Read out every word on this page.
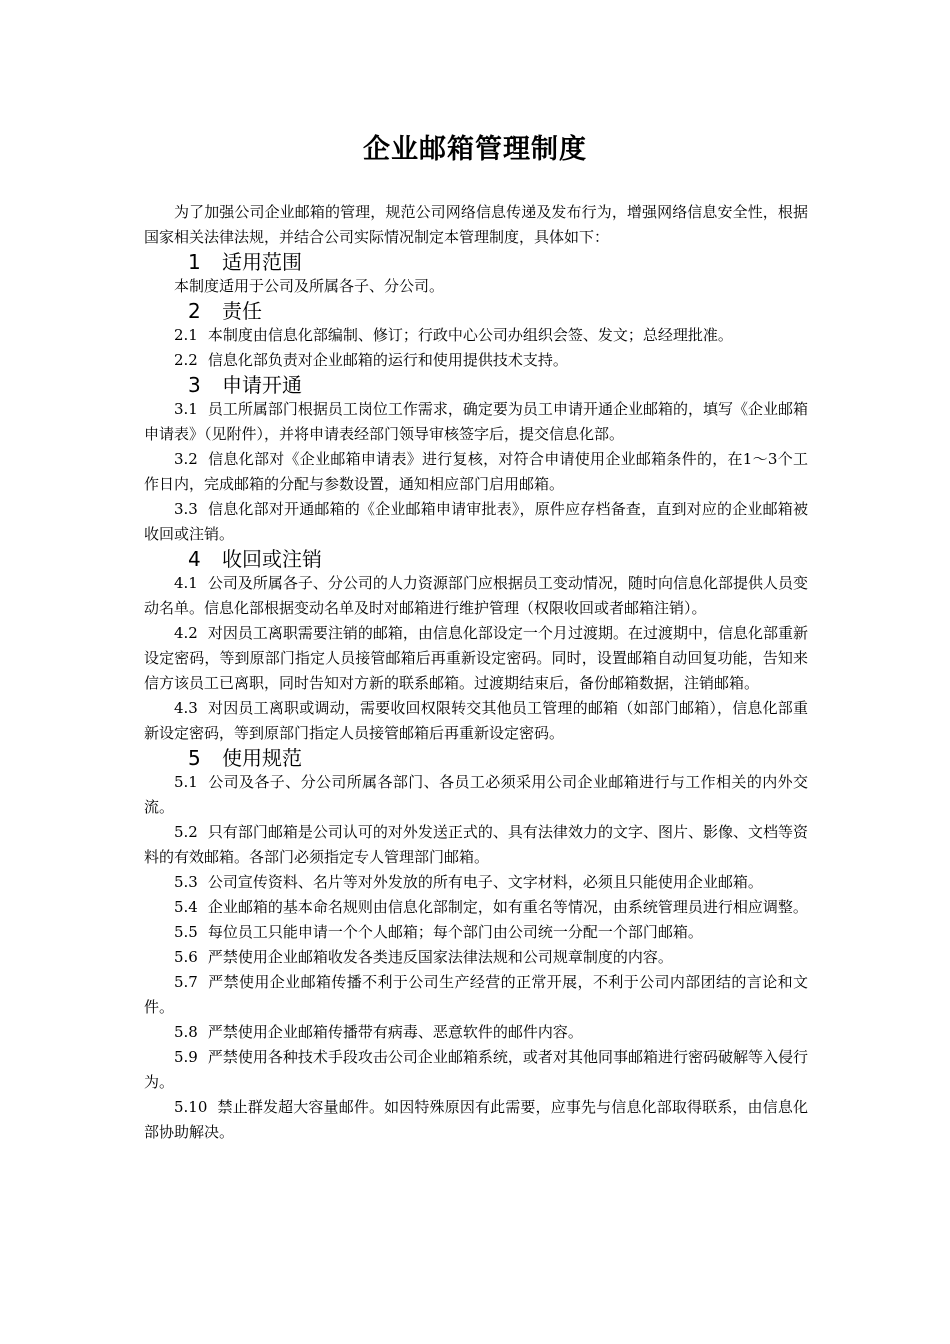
企业邮箱管理制度

为了加强公司企业邮箱的管理，规范公司网络信息传递及发布行为，增强网络信息安全性，根据国家相关法律法规，并结合公司实际情况制定本管理制度，具体如下：

1 适用范围

本制度适用于公司及所属各子、分公司。

2 责任

2.1 本制度由信息化部编制、修订；行政中心公司办组织会签、发文；总经理批准。

2.2 信息化部负责对企业邮箱的运行和使用提供技术支持。

3 申请开通

3.1 员工所属部门根据员工岗位工作需求，确定要为员工申请开通企业邮箱的，填写《企业邮箱申请表》（见附件），并将申请表经部门领导审核签字后，提交信息化部。

3.2 信息化部对《企业邮箱申请表》进行复核，对符合申请使用企业邮箱条件的，在1～3个工作日内，完成邮箱的分配与参数设置，通知相应部门启用邮箱。

3.3 信息化部对开通邮箱的《企业邮箱申请审批表》，原件应存档备查，直到对应的企业邮箱被收回或注销。

4 收回或注销

4.1 公司及所属各子、分公司的人力资源部门应根据员工变动情况，随时向信息化部提供人员变动名单。信息化部根据变动名单及时对邮箱进行维护管理（权限收回或者邮箱注销）。

4.2 对因员工离职需要注销的邮箱，由信息化部设定一个月过渡期。在过渡期中，信息化部重新设定密码，等到原部门指定人员接管邮箱后再重新设定密码。同时，设置邮箱自动回复功能，告知来信方该员工已离职，同时告知对方新的联系邮箱。过渡期结束后，备份邮箱数据，注销邮箱。

4.3 对因员工离职或调动，需要收回权限转交其他员工管理的邮箱（如部门邮箱），信息化部重新设定密码，等到原部门指定人员接管邮箱后再重新设定密码。

5 使用规范

5.1 公司及各子、分公司所属各部门、各员工必须采用公司企业邮箱进行与工作相关的内外交流。

5.2 只有部门邮箱是公司认可的对外发送正式的、具有法律效力的文字、图片、影像、文档等资料的有效邮箱。各部门必须指定专人管理部门邮箱。

5.3 公司宣传资料、名片等对外发放的所有电子、文字材料，必须且只能使用企业邮箱。

5.4 企业邮箱的基本命名规则由信息化部制定，如有重名等情况，由系统管理员进行相应调整。

5.5 每位员工只能申请一个个人邮箱；每个部门由公司统一分配一个部门邮箱。

5.6 严禁使用企业邮箱收发各类违反国家法律法规和公司规章制度的内容。

5.7 严禁使用企业邮箱传播不利于公司生产经营的正常开展，不利于公司内部团结的言论和文件。

5.8 严禁使用企业邮箱传播带有病毒、恶意软件的邮件内容。

5.9 严禁使用各种技术手段攻击公司企业邮箱系统，或者对其他同事邮箱进行密码破解等入侵行为。

5.10 禁止群发超大容量邮件。如因特殊原因有此需要，应事先与信息化部取得联系，由信息化部协助解决。
